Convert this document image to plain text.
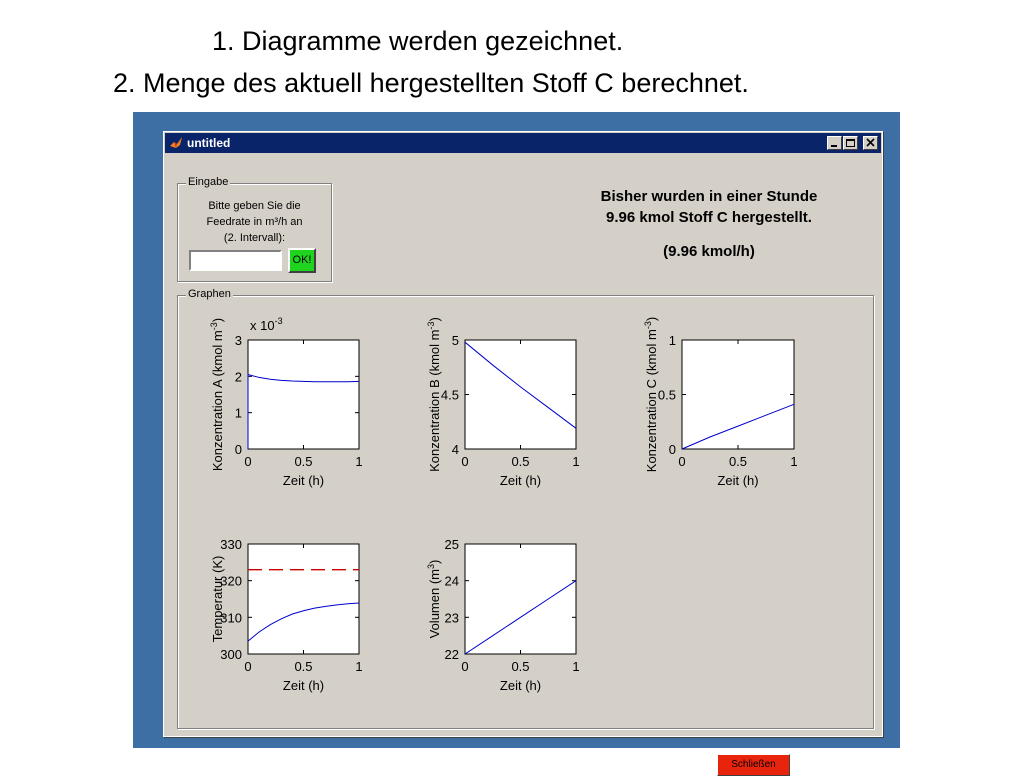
1. Diagramme werden gezeichnet.
2. Menge des aktuell hergestellten Stoff C berechnet.
untitled
Eingabe
Bitte geben Sie die
Feedrate in m³/h an
(2. Intervall):
OK!
Bisher wurden in einer Stunde
9.96 kmol Stoff C hergestellt.
(9.96 kmol/h)
Graphen
Schließen
0	0.5	1
0
1
2
3
Zeit (h)
Konzentration A (kmol $m^{-3}$) x $10^{-3}$
0	0.5	1
4
4.5
5
Zeit (h)
Konzentration B (kmol $m^{-3}$)
0	0.5	1
0
0.5
1
Zeit (h)
Konzentration C (kmol $m^{-3}$)
0	0.5	1
300
310
320
330
Zeit (h)
Temperatur (K)
0	0.5	1
22
23
24
25
Zeit (h)
Volumen $(m^3)$
